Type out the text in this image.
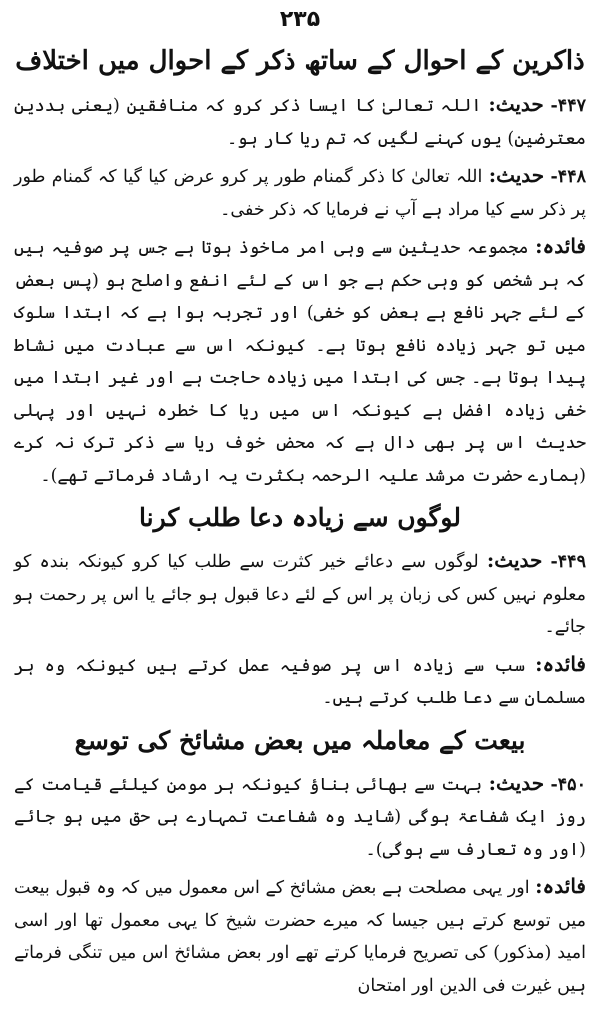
۲۳۵
ذاکرین کے احوال کے ساتھ ذکر کے احوال میں اختلاف

۴۴۷- حدیث: اللہ تعالیٰ کا ایسا ذکر کرو کہ منافقین (یعنی بددین معترضین) یوں کہنے لگیں کہ تم ریا کار ہو۔

۴۴۸- حدیث: اللہ تعالیٰ کا ذکر گمنام طور پر کرو عرض کیا گیا کہ گمنام طور پر ذکر سے کیا مراد ہے آپ نے فرمایا کہ ذکر خفی۔

فائدہ: مجموعہ حدیثین سے وہی امر ماخوذ ہوتا ہے جس پر صوفیہ ہیں کہ ہر شخص کو وہی حکم ہے جو اس کے لئے انفع واصلح ہو (پس بعض کے لئے جہر نافع ہے بعض کو خفی) اور تجربہ ہوا ہے کہ ابتدا سلوک میں تو جہر زیادہ نافع ہوتا ہے۔ کیونکہ اس سے عبادت میں نشاط پیدا ہوتا ہے۔ جس کی ابتدا میں زیادہ حاجت ہے اور غیر ابتدا میں خفی زیادہ افضل ہے کیونکہ اس میں ریا کا خطرہ نہیں اور پہلی حدیث اس پر بھی دال ہے کہ محض خوف ریا سے ذکر ترک نہ کرے (ہمارے حضرت مرشد علیہ الرحمہ بکثرت یہ ارشاد فرماتے تھے)۔

لوگوں سے زیادہ دعا طلب کرنا

۴۴۹- حدیث: لوگوں سے دعائے خیر کثرت سے طلب کیا کرو کیونکہ بندہ کو معلوم نہیں کس کی زبان پر اس کے لئے دعا قبول ہو جائے یا اس پر رحمت ہو جائے۔

فائدہ: سب سے زیادہ اس پر صوفیہ عمل کرتے ہیں کیونکہ وہ ہر مسلمان سے دعا طلب کرتے ہیں۔

بیعت کے معاملہ میں بعض مشائخ کی توسع

۴۵۰- حدیث: بہت سے بھائی بناؤ کیونکہ ہر مومن کیلئے قیامت کے روز ایک شفاعۃ ہوگی (شاید وہ شفاعت تمہارے ہی حق میں ہو جائے (اور وہ تعارف سے ہوگی)۔

فائدہ: اور یہی مصلحت ہے بعض مشائخ کے اس معمول میں کہ وہ قبول بیعت میں توسع کرتے ہیں جیسا کہ میرے حضرت شیخ کا یہی معمول تھا اور اسی امید (مذکور) کی تصریح فرمایا کرتے تھے اور بعض مشائخ اس میں تنگی فرماتے ہیں غیرت فی الدین اور امتحان
